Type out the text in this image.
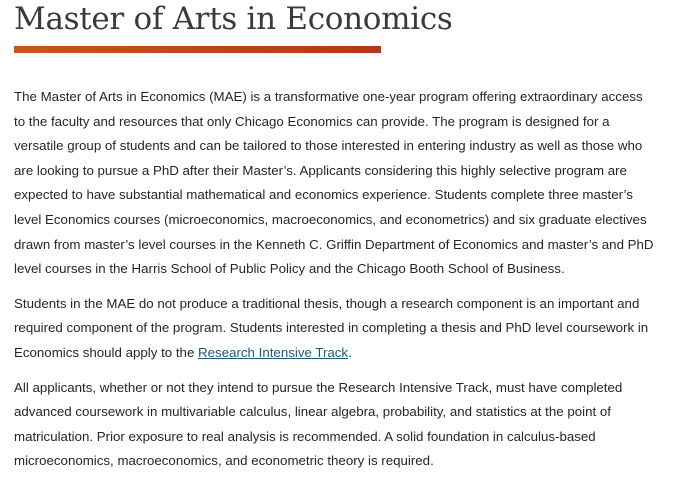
Master of Arts in Economics

The Master of Arts in Economics (MAE) is a transformative one-year program offering extraordinary access to the faculty and resources that only Chicago Economics can provide. The program is designed for a versatile group of students and can be tailored to those interested in entering industry as well as those who are looking to pursue a PhD after their Master’s. Applicants considering this highly selective program are expected to have substantial mathematical and economics experience. Students complete three master’s level Economics courses (microeconomics, macroeconomics, and econometrics) and six graduate electives drawn from master’s level courses in the Kenneth C. Griffin Department of Economics and master’s and PhD level courses in the Harris School of Public Policy and the Chicago Booth School of Business.

Students in the MAE do not produce a traditional thesis, though a research component is an important and required component of the program. Students interested in completing a thesis and PhD level coursework in Economics should apply to the Research Intensive Track.

All applicants, whether or not they intend to pursue the Research Intensive Track, must have completed advanced coursework in multivariable calculus, linear algebra, probability, and statistics at the point of matriculation. Prior exposure to real analysis is recommended. A solid foundation in calculus-based microeconomics, macroeconomics, and econometric theory is required.
